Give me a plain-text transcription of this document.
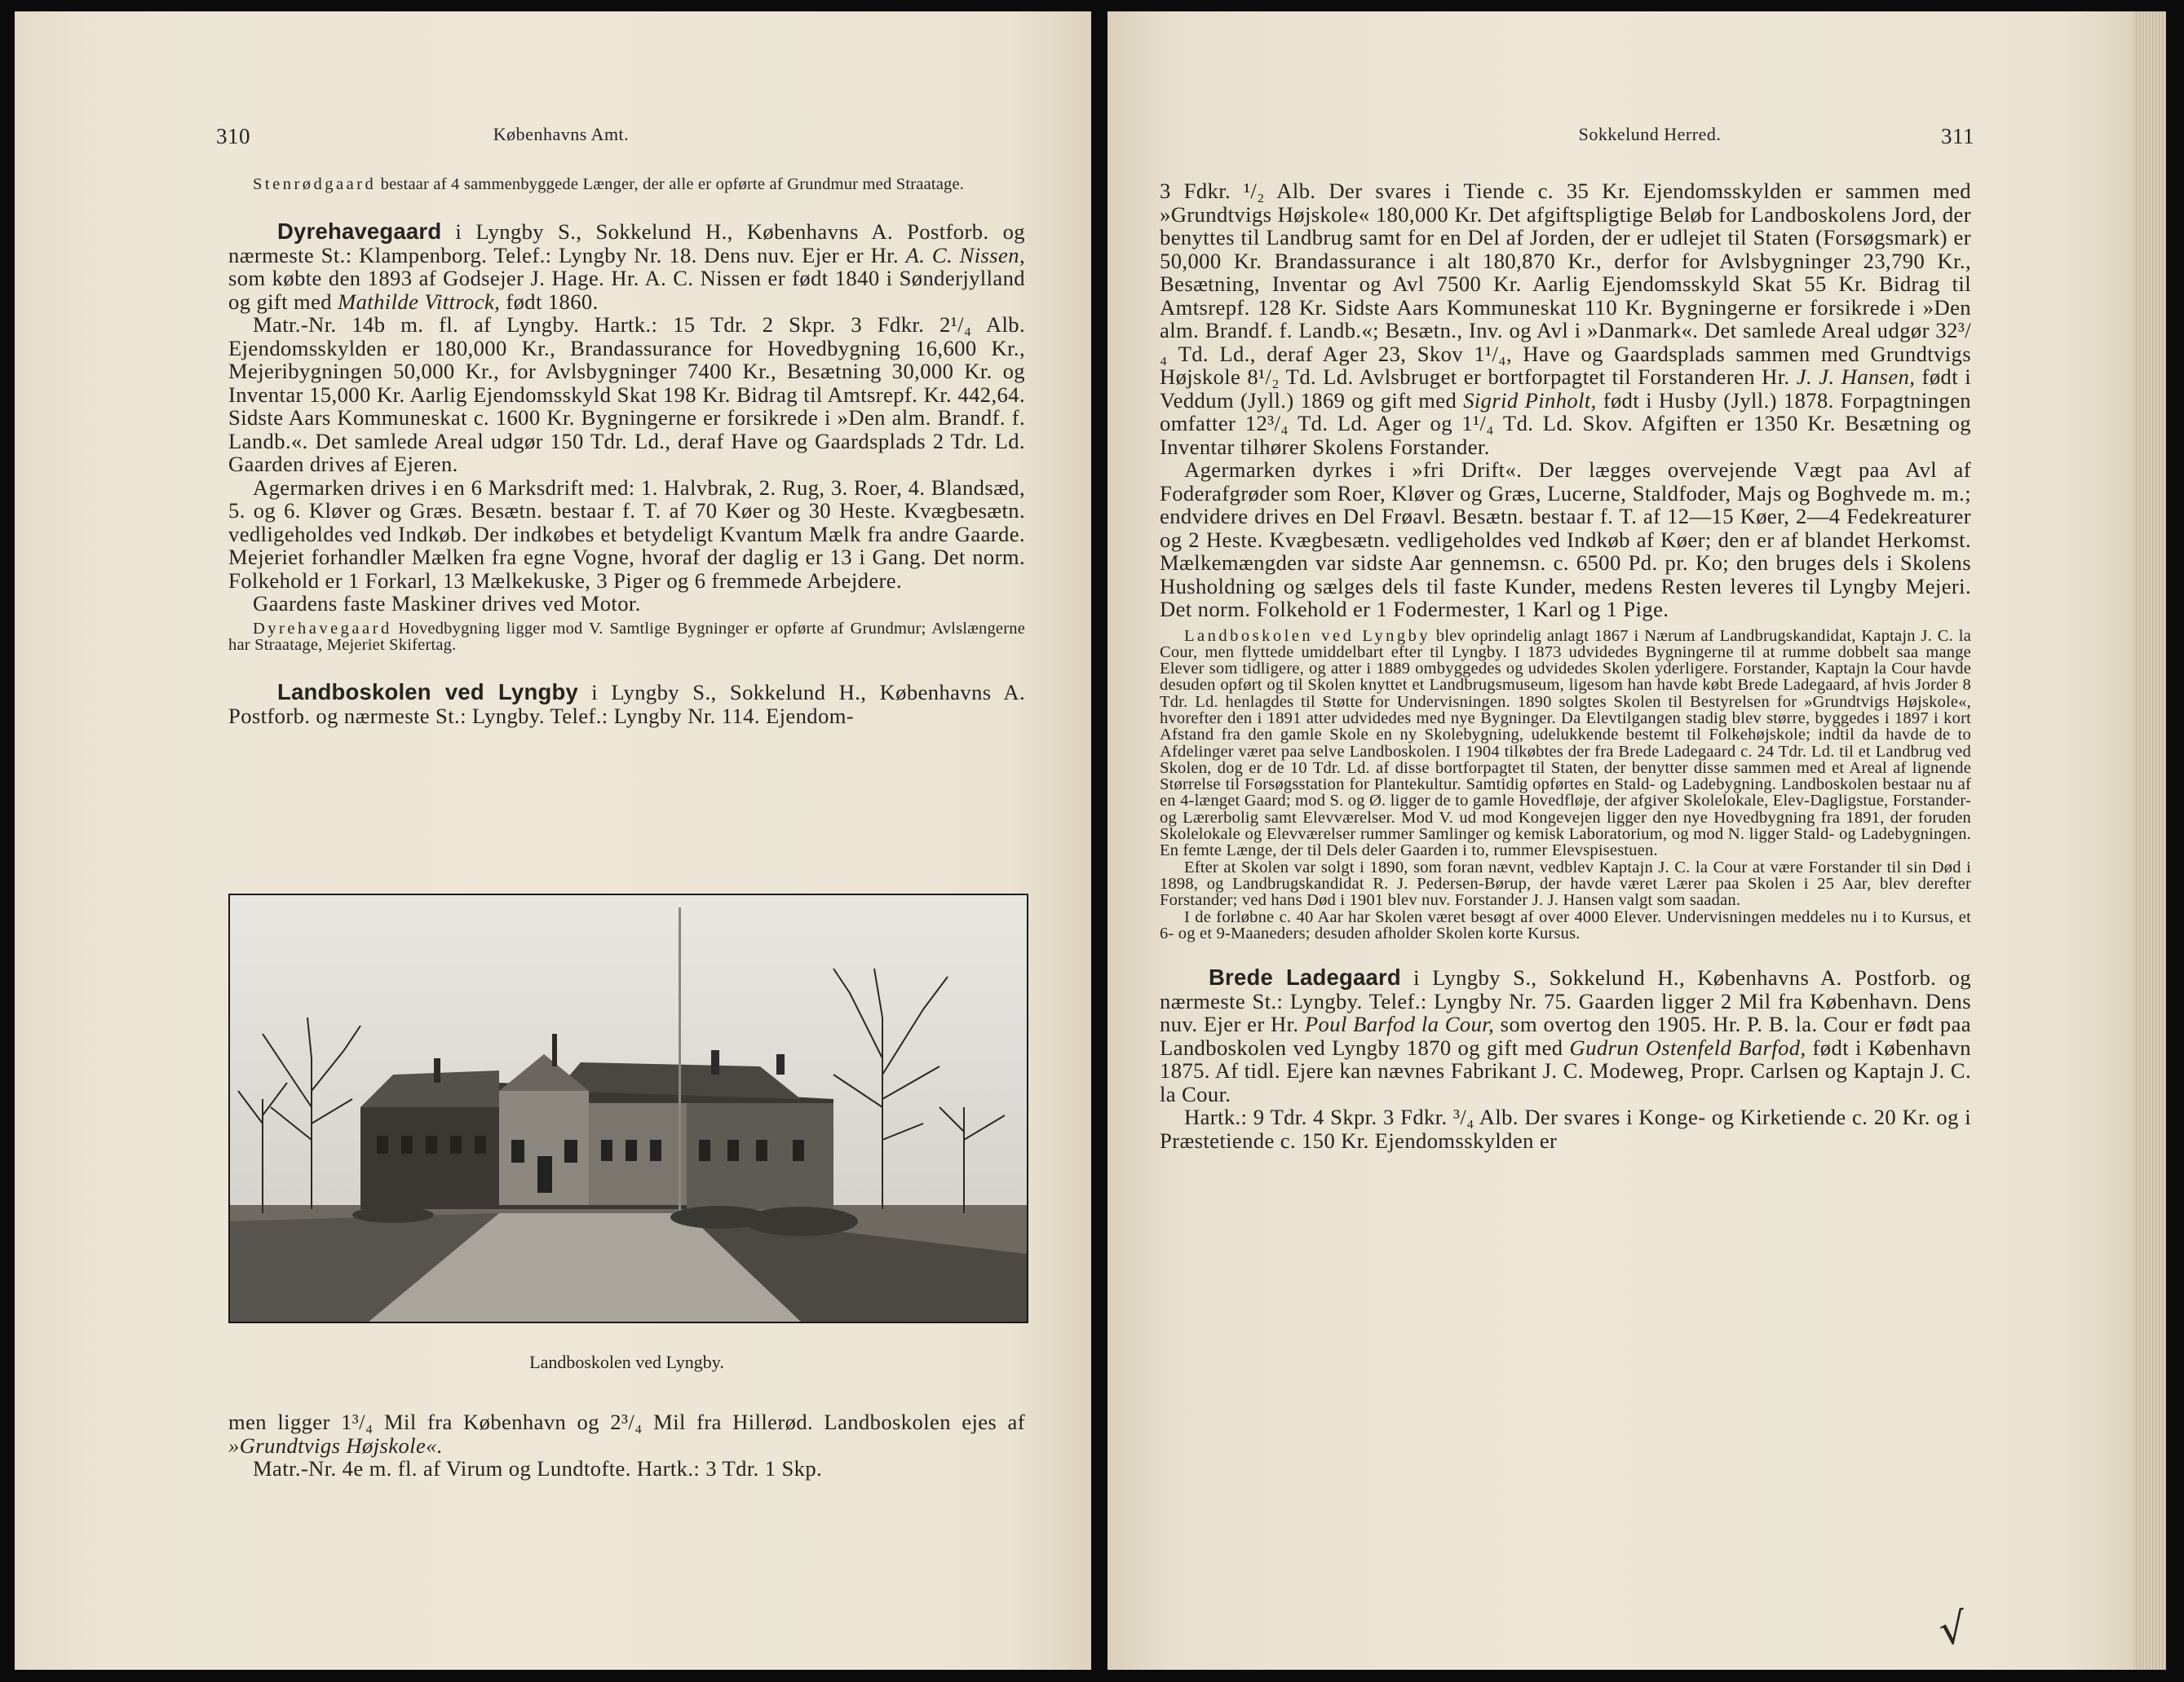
310	Københavns Amt.

Stenrødgaard bestaar af 4 sammenbyggede Længer, der alle er opførte af Grundmur med Straatage.

Dyrehavegaard i Lyngby S., Sokkelund H., Københavns A. Postforb. og nærmeste St.: Klampenborg. Telef.: Lyngby Nr. 18. Dens nuv. Ejer er Hr. A. C. Nissen, som købte den 1893 af Godsejer J. Hage. Hr. A. C. Nissen er født 1840 i Sønderjylland og gift med Mathilde Vittrock, født 1860.

Matr.-Nr. 14b m. fl. af Lyngby. Hartk.: 15 Tdr. 2 Skpr. 3 Fdkr. 2¹/₄ Alb. Ejendomsskylden er 180,000 Kr., Brandassurance for Hovedbygning 16,600 Kr., Mejeribygningen 50,000 Kr., for Avlsbygninger 7400 Kr., Besætning 30,000 Kr. og Inventar 15,000 Kr. Aarlig Ejendomsskyld Skat 198 Kr. Bidrag til Amtsrepf. Kr. 442,64. Sidste Aars Kommuneskat c. 1600 Kr. Bygningerne er forsikrede i »Den alm. Brandf. f. Landb.«. Det samlede Areal udgør 150 Tdr. Ld., deraf Have og Gaardsplads 2 Tdr. Ld. Gaarden drives af Ejeren.

Agermarken drives i en 6 Marksdrift med: 1. Halvbrak, 2. Rug, 3. Roer, 4. Blandsæd, 5. og 6. Kløver og Græs. Besætn. bestaar f. T. af 70 Køer og 30 Heste. Kvægbesætn. vedligeholdes ved Indkøb. Der indkøbes et betydeligt Kvantum Mælk fra andre Gaarde. Mejeriet forhandler Mælken fra egne Vogne, hvoraf der daglig er 13 i Gang. Det norm. Folkehold er 1 Forkarl, 13 Mælkekuske, 3 Piger og 6 fremmede Arbejdere.

Gaardens faste Maskiner drives ved Motor.

Dyrehavegaard Hovedbygning ligger mod V. Samtlige Bygninger er opførte af Grundmur; Avlslængerne har Straatage, Mejeriet Skifertag.

Landboskolen ved Lyngby i Lyngby S., Sokkelund H., Københavns A. Postforb. og nærmeste St.: Lyngby. Telef.: Lyngby Nr. 114. Ejendom-

Landboskolen ved Lyngby.

men ligger 1³/₄ Mil fra København og 2³/₄ Mil fra Hillerød. Landboskolen ejes af »Grundtvigs Højskole«.

Matr.-Nr. 4e m. fl. af Virum og Lundtofte. Hartk.: 3 Tdr. 1 Skp.

Sokkelund Herred.	311

3 Fdkr. ¹/₂ Alb. Der svares i Tiende c. 35 Kr. Ejendomsskylden er sammen med »Grundtvigs Højskole« 180,000 Kr. Det afgiftspligtige Beløb for Landboskolens Jord, der benyttes til Landbrug samt for en Del af Jorden, der er udlejet til Staten (Forsøgsmark) er 50,000 Kr. Brandassurance i alt 180,870 Kr., derfor for Avlsbygninger 23,790 Kr., Besætning, Inventar og Avl 7500 Kr. Aarlig Ejendomsskyld Skat 55 Kr. Bidrag til Amtsrepf. 128 Kr. Sidste Aars Kommuneskat 110 Kr. Bygningerne er forsikrede i »Den alm. Brandf. f. Landb.«; Besætn., Inv. og Avl i »Danmark«. Det samlede Areal udgør 32³/₄ Td. Ld., deraf Ager 23, Skov 1¹/₄, Have og Gaardsplads sammen med Grundtvigs Højskole 8¹/₂ Td. Ld. Avlsbruget er bortforpagtet til Forstanderen Hr. J. J. Hansen, født i Veddum (Jyll.) 1869 og gift med Sigrid Pinholt, født i Husby (Jyll.) 1878. Forpagtningen omfatter 12³/₄ Td. Ld. Ager og 1¹/₄ Td. Ld. Skov. Afgiften er 1350 Kr. Besætning og Inventar tilhører Skolens Forstander.

Agermarken dyrkes i »fri Drift«. Der lægges overvejende Vægt paa Avl af Foderafgrøder som Roer, Kløver og Græs, Lucerne, Staldfoder, Majs og Boghvede m. m.; endvidere drives en Del Frøavl. Besætn. bestaar f. T. af 12—15 Køer, 2—4 Fedekreaturer og 2 Heste. Kvægbesætn. vedligeholdes ved Indkøb af Køer; den er af blandet Herkomst. Mælkemængden var sidste Aar gennemsn. c. 6500 Pd. pr. Ko; den bruges dels i Skolens Husholdning og sælges dels til faste Kunder, medens Resten leveres til Lyngby Mejeri. Det norm. Folkehold er 1 Fodermester, 1 Karl og 1 Pige.

Landboskolen ved Lyngby blev oprindelig anlagt 1867 i Nærum af Landbrugskandidat, Kaptajn J. C. la Cour, men flyttede umiddelbart efter til Lyngby. I 1873 udvidedes Bygningerne til at rumme dobbelt saa mange Elever som tidligere, og atter i 1889 ombyggedes og udvidedes Skolen yderligere. Forstander, Kaptajn la Cour havde desuden opført og til Skolen knyttet et Landbrugsmuseum, ligesom han havde købt Brede Ladegaard, af hvis Jorder 8 Tdr. Ld. henlagdes til Støtte for Undervisningen. 1890 solgtes Skolen til Bestyrelsen for »Grundtvigs Højskole«, hvorefter den i 1891 atter udvidedes med nye Bygninger. Da Elevtilgangen stadig blev større, byggedes i 1897 i kort Afstand fra den gamle Skole en ny Skolebygning, udelukkende bestemt til Folkehøjskole; indtil da havde de to Afdelinger været paa selve Landboskolen. I 1904 tilkøbtes der fra Brede Ladegaard c. 24 Tdr. Ld. til et Landbrug ved Skolen, dog er de 10 Tdr. Ld. af disse bortforpagtet til Staten, der benytter disse sammen med et Areal af lignende Størrelse til Forsøgsstation for Plantekultur. Samtidig opførtes en Stald- og Ladebygning. Landboskolen bestaar nu af en 4-længet Gaard; mod S. og Ø. ligger de to gamle Hovedfløje, der afgiver Skolelokale, Elev-Dagligstue, Forstander- og Lærerbolig samt Elevværelser. Mod V. ud mod Kongevejen ligger den nye Hovedbygning fra 1891, der foruden Skolelokale og Elevværelser rummer Samlinger og kemisk Laboratorium, og mod N. ligger Stald- og Ladebygningen. En femte Længe, der til Dels deler Gaarden i to, rummer Elevspisestuen.

Efter at Skolen var solgt i 1890, som foran nævnt, vedblev Kaptajn J. C. la Cour at være Forstander til sin Død i 1898, og Landbrugskandidat R. J. Pedersen-Børup, der havde været Lærer paa Skolen i 25 Aar, blev derefter Forstander; ved hans Død i 1901 blev nuv. Forstander J. J. Hansen valgt som saadan.

I de forløbne c. 40 Aar har Skolen været besøgt af over 4000 Elever. Undervisningen meddeles nu i to Kursus, et 6- og et 9-Maaneders; desuden afholder Skolen korte Kursus.

Brede Ladegaard i Lyngby S., Sokkelund H., Københavns A. Postforb. og nærmeste St.: Lyngby. Telef.: Lyngby Nr. 75. Gaarden ligger 2 Mil fra København. Dens nuv. Ejer er Hr. Poul Barfod la Cour, som overtog den 1905. Hr. P. B. la. Cour er født paa Landboskolen ved Lyngby 1870 og gift med Gudrun Ostenfeld Barfod, født i København 1875. Af tidl. Ejere kan nævnes Fabrikant J. C. Modeweg, Propr. Carlsen og Kaptajn J. C. la Cour.

Hartk.: 9 Tdr. 4 Skpr. 3 Fdkr. ³/₄ Alb. Der svares i Konge- og Kirketiende c. 20 Kr. og i Præstetiende c. 150 Kr. Ejendomsskylden er

√
